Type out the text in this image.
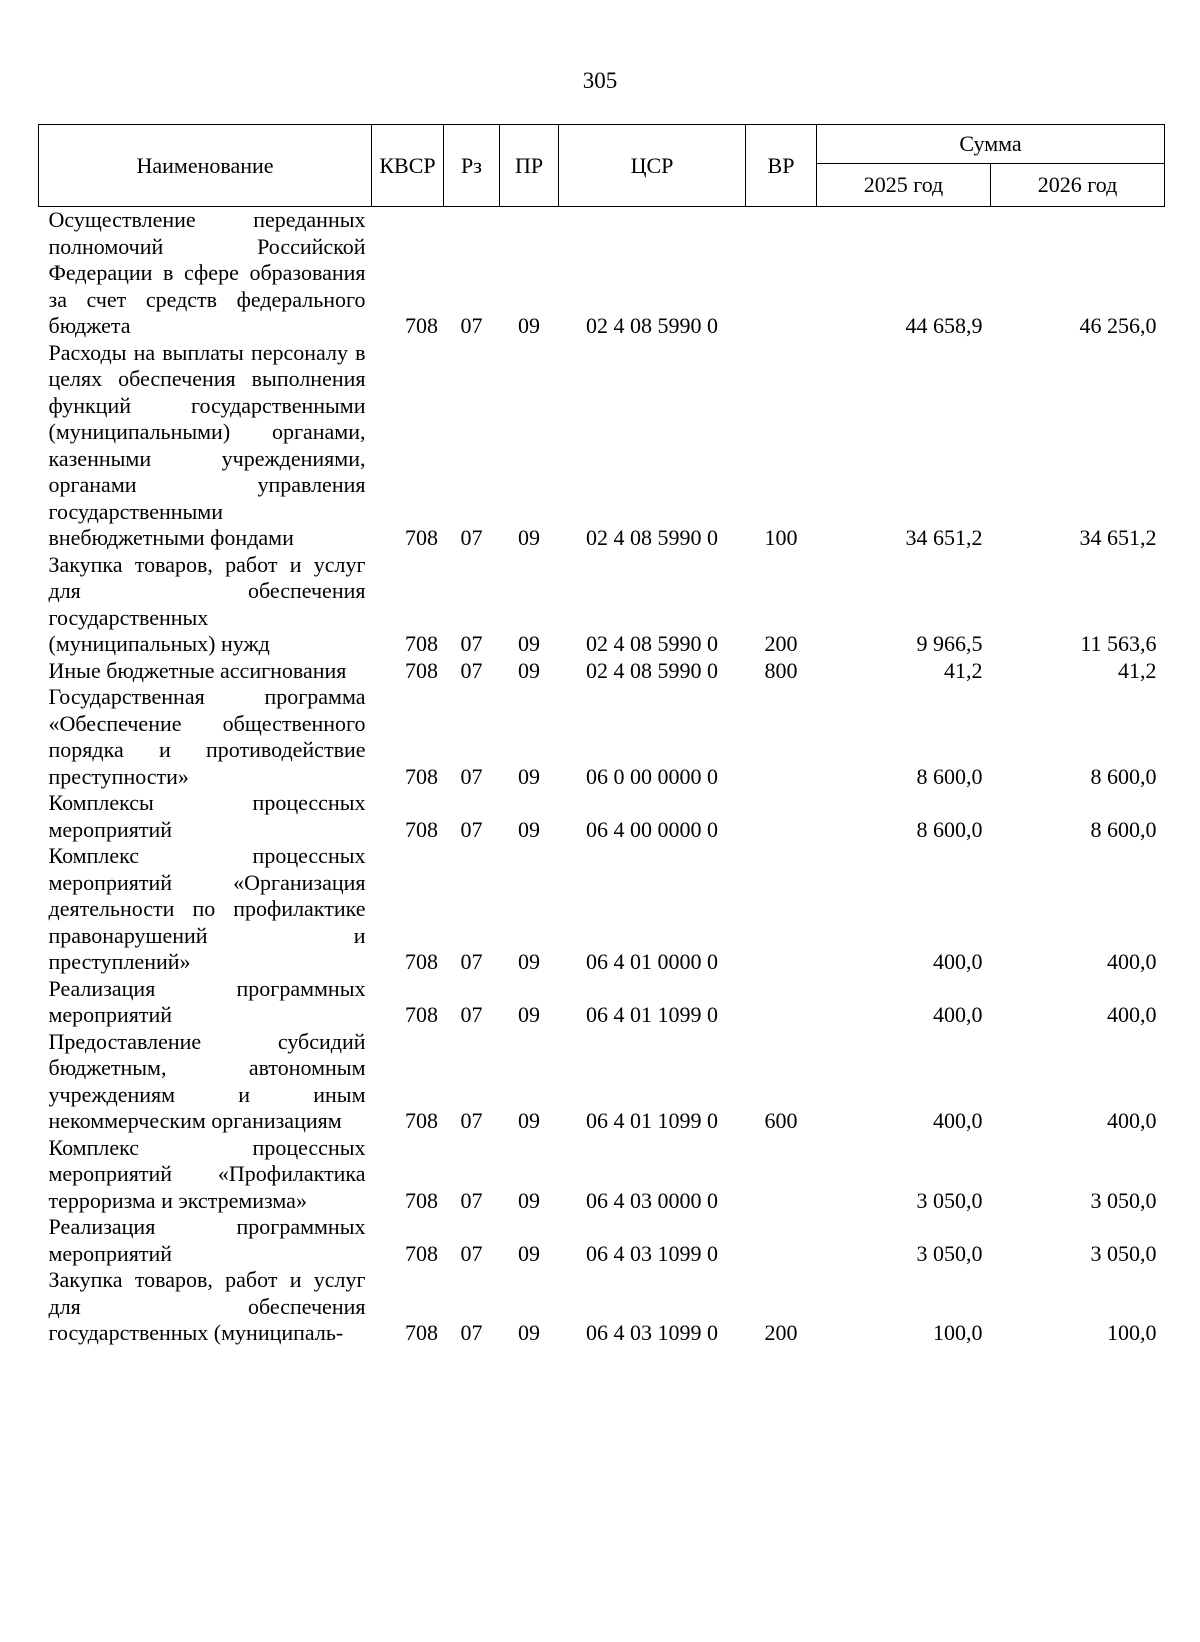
305
Наименование	КВСР	Рз	ПР	ЦСР	ВР	Сумма	
						2025 год	2026 год
Осуществление переданных полномочий Российской Федерации в сфере образования за счет средств федерального бюджета	708	07	09	02 4 08 5990 0		44 658,9	46 256,0
Расходы на выплаты персоналу в целях обеспечения выполнения функций государственными (муниципальными) органами, казенными учреждениями, органами управления государственными внебюджетными фондами	708	07	09	02 4 08 5990 0	100	34 651,2	34 651,2
Закупка товаров, работ и услуг для обеспечения государственных (муниципальных) нужд	708	07	09	02 4 08 5990 0	200	9 966,5	11 563,6
Иные бюджетные ассигнования	708	07	09	02 4 08 5990 0	800	41,2	41,2
Государственная программа «Обеспечение общественного порядка и противодействие преступности»	708	07	09	06 0 00 0000 0		8 600,0	8 600,0
Комплексы процессных мероприятий	708	07	09	06 4 00 0000 0		8 600,0	8 600,0
Комплекс процессных мероприятий «Организация деятельности по профилактике правонарушений и преступлений»	708	07	09	06 4 01 0000 0		400,0	400,0
Реализация программных мероприятий	708	07	09	06 4 01 1099 0		400,0	400,0
Предоставление субсидий бюджетным, автономным учреждениям и иным некоммерческим организациям	708	07	09	06 4 01 1099 0	600	400,0	400,0
Комплекс процессных мероприятий «Профилактика терроризма и экстремизма»	708	07	09	06 4 03 0000 0		3 050,0	3 050,0
Реализация программных мероприятий	708	07	09	06 4 03 1099 0		3 050,0	3 050,0
Закупка товаров, работ и услуг для обеспечения государственных (муниципаль-	708	07	09	06 4 03 1099 0	200	100,0	100,0
